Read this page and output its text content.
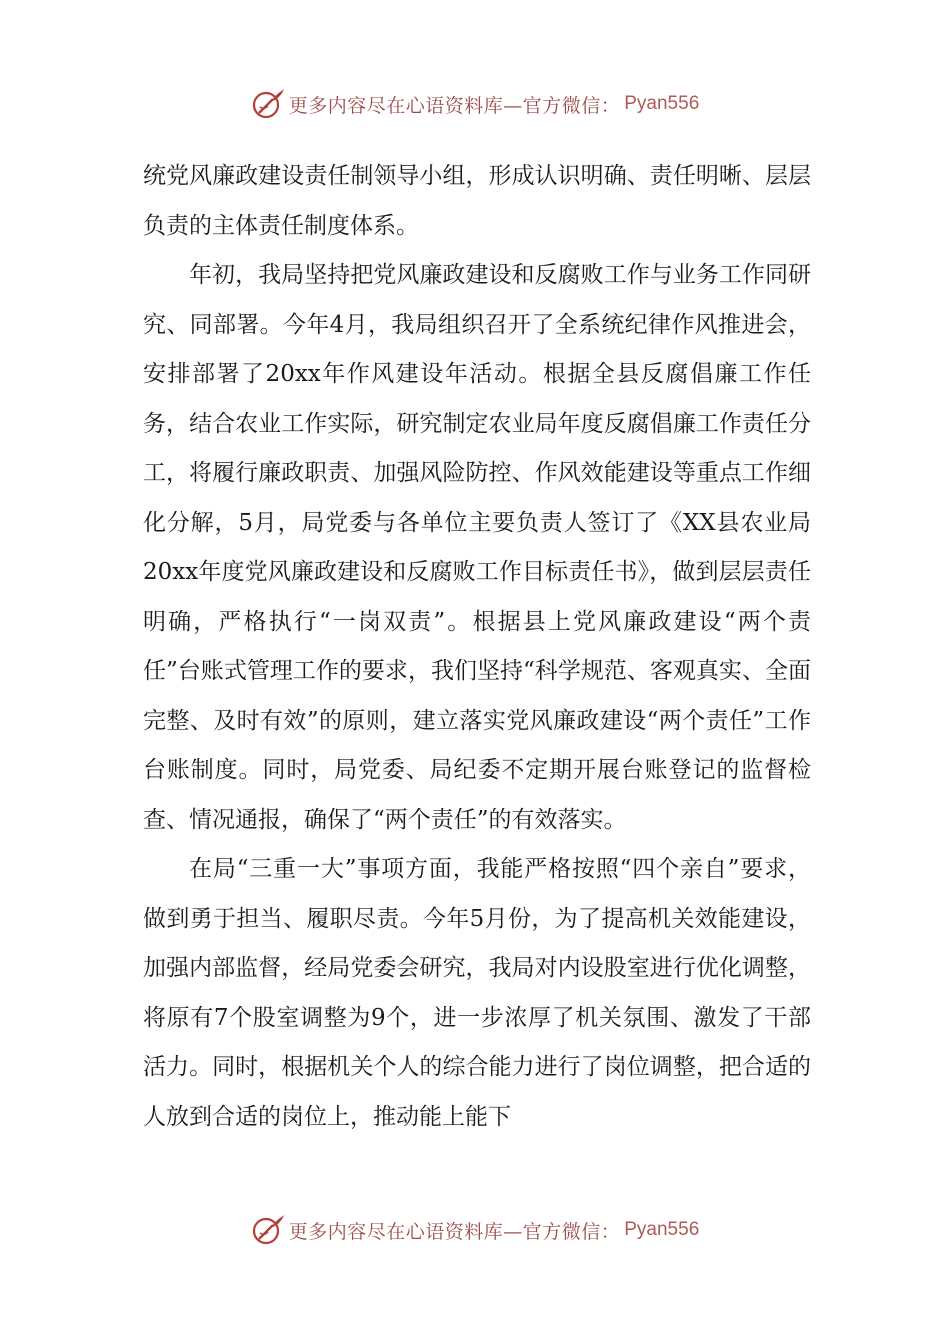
更多内容尽在心语资料库—官方微信： Pyan556

统党风廉政建设责任制领导小组，形成认识明确、责任明晰、层层负责的主体责任制度体系。

年初，我局坚持把党风廉政建设和反腐败工作与业务工作同研究、同部署。今年4月，我局组织召开了全系统纪律作风推进会，安排部署了20xx年作风建设年活动。根据全县反腐倡廉工作任务，结合农业工作实际，研究制定农业局年度反腐倡廉工作责任分工，将履行廉政职责、加强风险防控、作风效能建设等重点工作细化分解，5月，局党委与各单位主要负责人签订了《XX县农业局20xx年度党风廉政建设和反腐败工作目标责任书》，做到层层责任明确，严格执行“一岗双责”。根据县上党风廉政建设“两个责任”台账式管理工作的要求，我们坚持“科学规范、客观真实、全面完整、及时有效”的原则，建立落实党风廉政建设“两个责任”工作台账制度。同时，局党委、局纪委不定期开展台账登记的监督检查、情况通报，确保了“两个责任”的有效落实。

在局“三重一大”事项方面，我能严格按照“四个亲自”要求，做到勇于担当、履职尽责。今年5月份，为了提高机关效能建设，加强内部监督，经局党委会研究，我局对内设股室进行优化调整，将原有7个股室调整为9个，进一步浓厚了机关氛围、激发了干部活力。同时，根据机关个人的综合能力进行了岗位调整，把合适的人放到合适的岗位上，推动能上能下

更多内容尽在心语资料库—官方微信： Pyan556
